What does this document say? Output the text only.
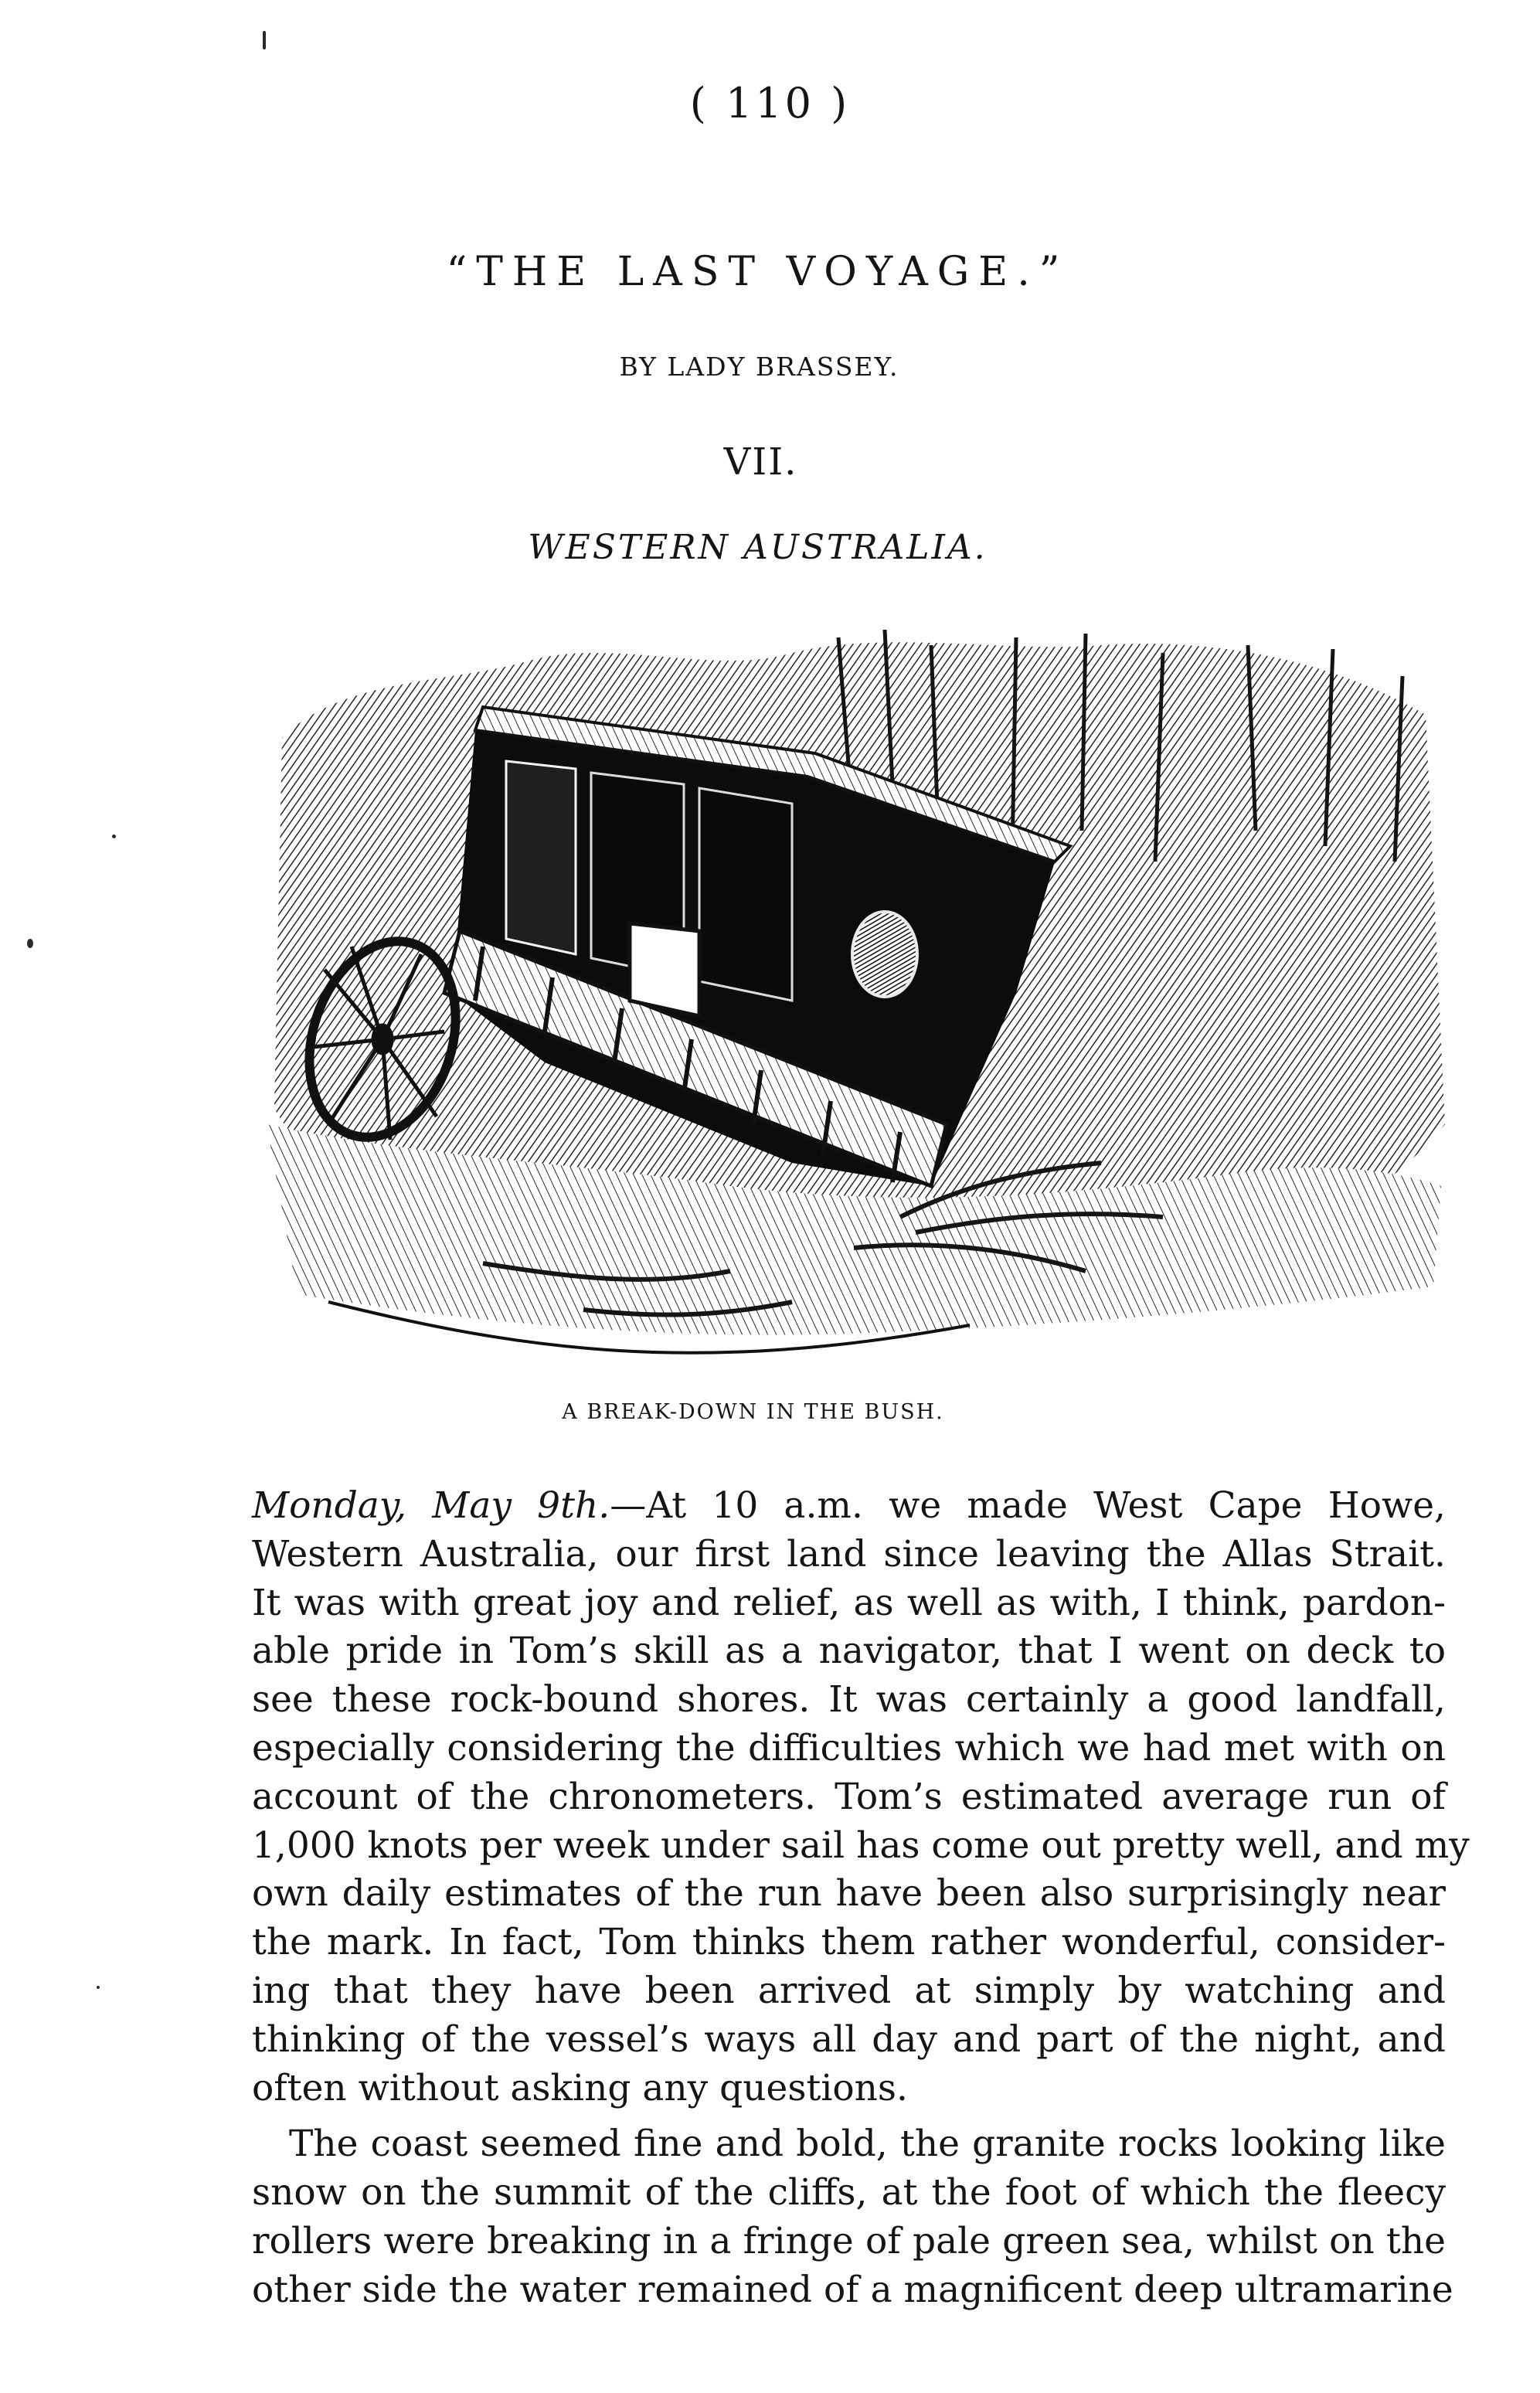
( 110 )
“THE LAST VOYAGE.”
BY LADY BRASSEY.
VII.
WESTERN AUSTRALIA.
A BREAK-DOWN IN THE BUSH.
Monday, May 9th.—At 10 a.m. we made West Cape Howe,
Western Australia, our first land since leaving the Allas Strait.
It was with great joy and relief, as well as with, I think, pardon-
able pride in Tom’s skill as a navigator, that I went on deck to
see these rock-bound shores. It was certainly a good landfall,
especially considering the difficulties which we had met with on
account of the chronometers. Tom’s estimated average run of
1,000 knots per week under sail has come out pretty well, and my
own daily estimates of the run have been also surprisingly near
the mark. In fact, Tom thinks them rather wonderful, consider-
ing that they have been arrived at simply by watching and
thinking of the vessel’s ways all day and part of the night, and
often without asking any questions.
The coast seemed fine and bold, the granite rocks looking like
snow on the summit of the cliffs, at the foot of which the fleecy
rollers were breaking in a fringe of pale green sea, whilst on the
other side the water remained of a magnificent deep ultramarine
